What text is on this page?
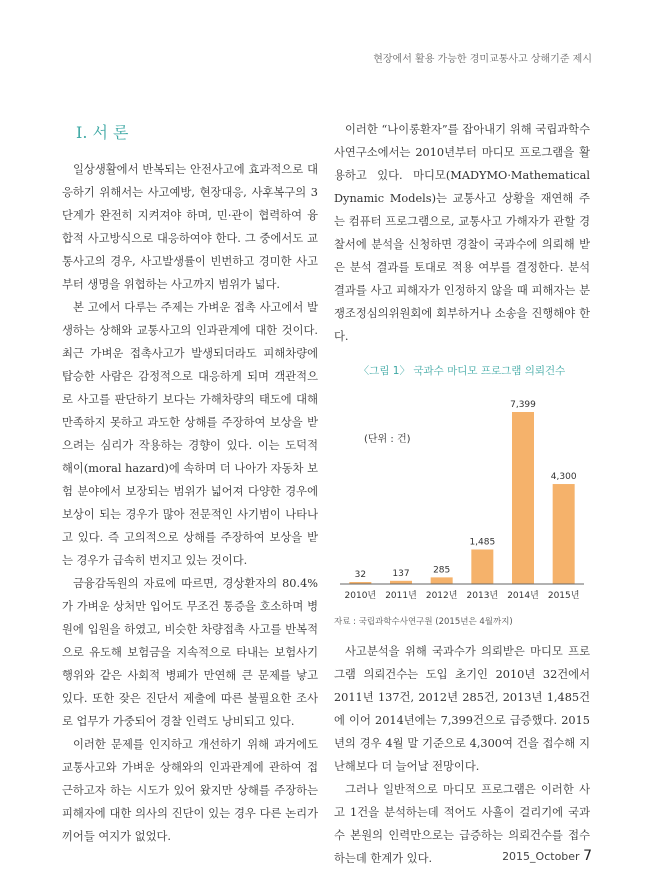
현장에서 활용 가능한 경미교통사고 상해기준 제시
Ⅰ. 서 론

일상생활에서 반복되는 안전사고에 효과적으로 대응하기 위해서는 사고예방, 현장대응, 사후복구의 3단계가 완전히 지켜져야 하며, 민·관이 협력하여 융합적 사고방식으로 대응하여야 한다. 그 중에서도 교통사고의 경우, 사고발생률이 빈번하고 경미한 사고부터 생명을 위협하는 사고까지 범위가 넓다.

본 고에서 다루는 주제는 가벼운 접촉 사고에서 발생하는 상해와 교통사고의 인과관계에 대한 것이다. 최근 가벼운 접촉사고가 발생되더라도 피해차량에 탑승한 사람은 감정적으로 대응하게 되며 객관적으로 사고를 판단하기 보다는 가해차량의 태도에 대해 만족하지 못하고 과도한 상해를 주장하여 보상을 받으려는 심리가 작용하는 경향이 있다. 이는 도덕적 해이(moral hazard)에 속하며 더 나아가 자동차 보험 분야에서 보장되는 범위가 넓어져 다양한 경우에 보상이 되는 경우가 많아 전문적인 사기범이 나타나고 있다. 즉 고의적으로 상해를 주장하여 보상을 받는 경우가 급속히 번지고 있는 것이다.

금융감독원의 자료에 따르면, 경상환자의 80.4%가 가벼운 상처만 입어도 무조건 통증을 호소하며 병원에 입원을 하였고, 비슷한 차량접촉 사고를 반복적으로 유도해 보험금을 지속적으로 타내는 보험사기 행위와 같은 사회적 병폐가 만연해 큰 문제를 낳고 있다. 또한 잦은 진단서 제출에 따른 불필요한 조사로 업무가 가중되어 경찰 인력도 낭비되고 있다.

이러한 문제를 인지하고 개선하기 위해 과거에도 교통사고와 가벼운 상해와의 인과관계에 관하여 접근하고자 하는 시도가 있어 왔지만 상해를 주장하는 피해자에 대한 의사의 진단이 있는 경우 다른 논리가 끼어들 여지가 없었다.

이러한 “나이롱환자”를 잡아내기 위해 국립과학수사연구소에서는 2010년부터 마디모 프로그램을 활용하고 있다. 마디모(MADYMO·Mathematical Dynamic Models)는 교통사고 상황을 재연해 주는 컴퓨터 프로그램으로, 교통사고 가해자가 관할 경찰서에 분석을 신청하면 경찰이 국과수에 의뢰해 받은 분석 결과를 토대로 적용 여부를 결정한다. 분석 결과를 사고 피해자가 인정하지 않을 때 피해자는 분쟁조정심의위원회에 회부하거나 소송을 진행해야 한다.

〈그림 1〉 국과수 마디모 프로그램 의뢰건수
(단위 : 건)
32
2010년
137
2011년
285
2012년
1,485
2013년
7,399
2014년
4,300
2015년
자료 : 국립과학수사연구원 (2015년은 4월까지)

사고분석을 위해 국과수가 의뢰받은 마디모 프로그램 의뢰건수는 도입 초기인 2010년 32건에서 2011년 137건, 2012년 285건, 2013년 1,485건에 이어 2014년에는 7,399건으로 급증했다. 2015년의 경우 4월 말 기준으로 4,300여 건을 접수해 지난해보다 더 늘어날 전망이다.

그러나 일반적으로 마디모 프로그램은 이러한 사고 1건을 분석하는데 적어도 사흘이 걸리기에 국과수 본원의 인력만으로는 급증하는 의뢰건수를 접수하는데 한계가 있다.	2015_October 7
